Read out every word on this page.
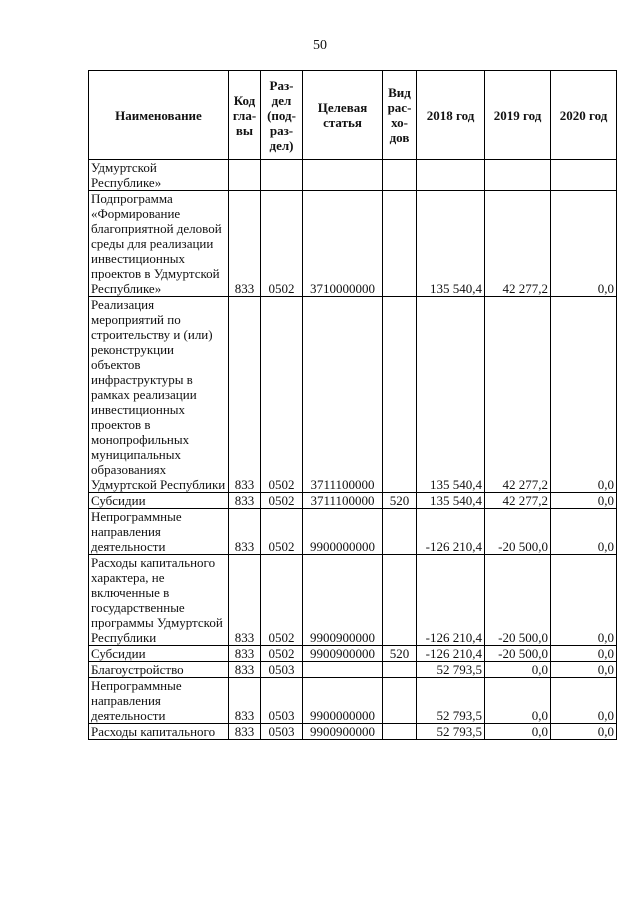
50
Наименование	Код гла- вы	Раз- дел (под- раз- дел)	Целевая статья	Вид рас- хо- дов	2018 год	2019 год	2020 год
Удмуртской Республике»							
Подпрограмма «Формирование благоприятной деловой среды для реализации инвестиционных проектов в Удмуртской Республике»	833	0502	3710000000		135 540,4	42 277,2	0,0
Реализация мероприятий по строительству и (или) реконструкции объектов инфраструктуры в рамках реализации инвестиционных проектов в монопрофильных муниципальных образованиях Удмуртской Республики	833	0502	3711100000		135 540,4	42 277,2	0,0
Субсидии	833	0502	3711100000	520	135 540,4	42 277,2	0,0
Непрограммные направления деятельности	833	0502	9900000000		-126 210,4	-20 500,0	0,0
Расходы капитального характера, не включенные в государственные программы Удмуртской Республики	833	0502	9900900000		-126 210,4	-20 500,0	0,0
Субсидии	833	0502	9900900000	520	-126 210,4	-20 500,0	0,0
Благоустройство	833	0503			52 793,5	0,0	0,0
Непрограммные направления деятельности	833	0503	9900000000		52 793,5	0,0	0,0
Расходы капитального	833	0503	9900900000		52 793,5	0,0	0,0
